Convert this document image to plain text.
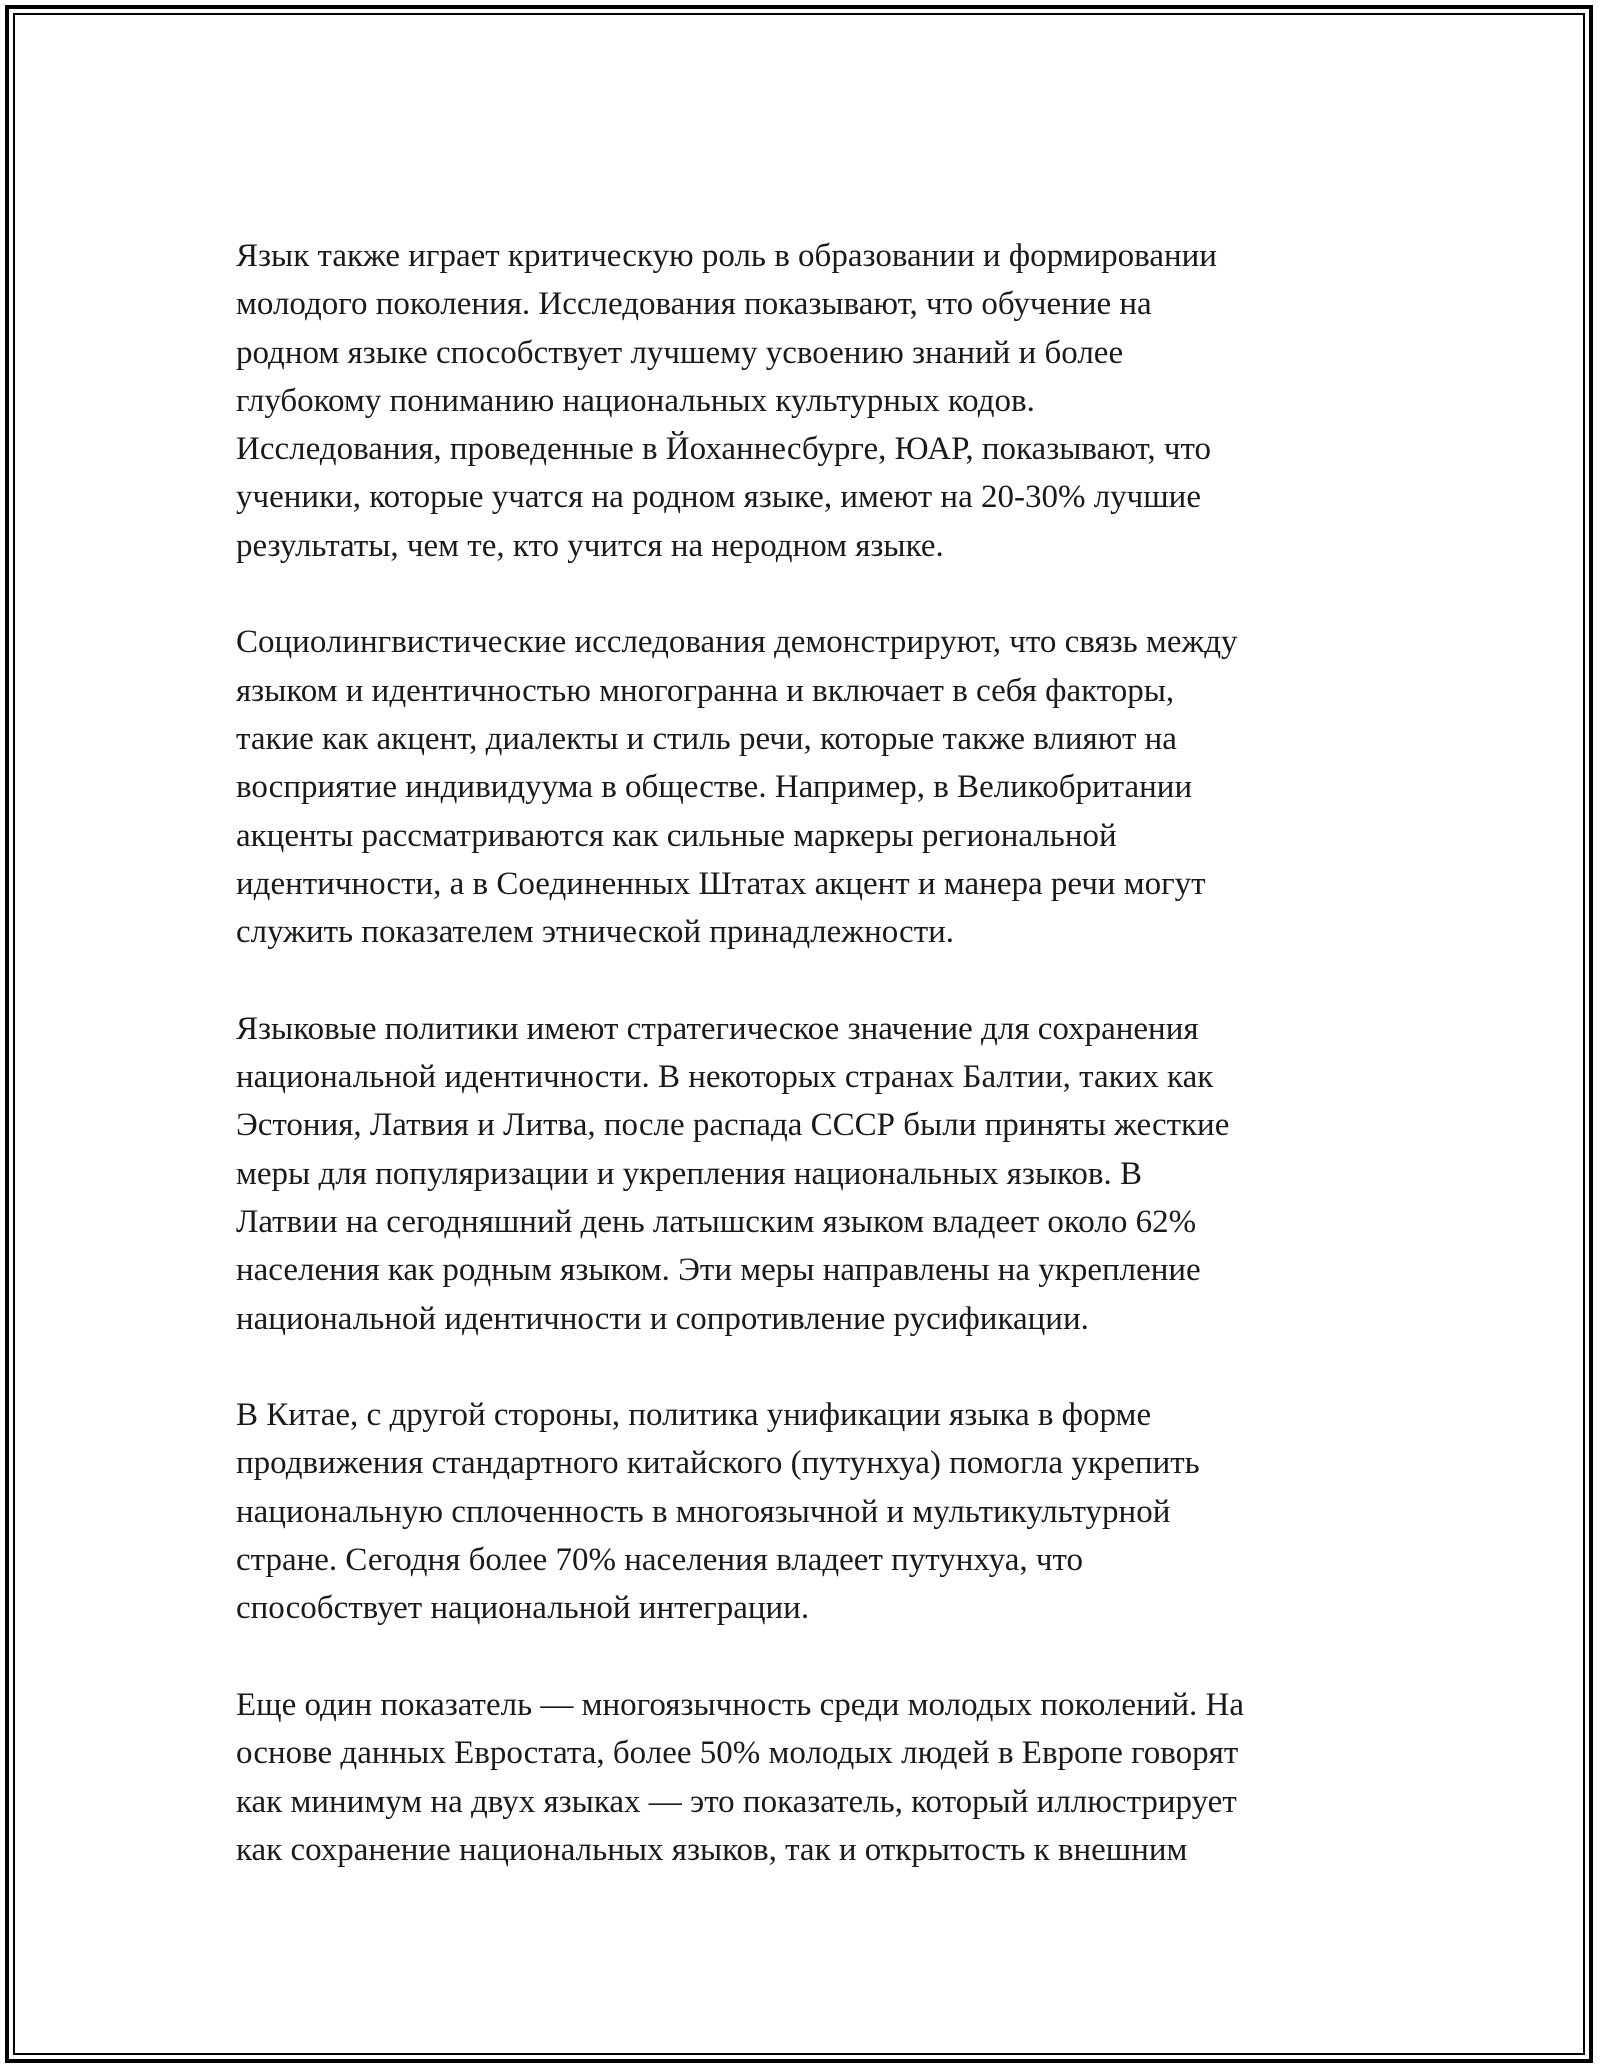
Язык также играет критическую роль в образовании и формировании
молодого поколения. Исследования показывают, что обучение на
родном языке способствует лучшему усвоению знаний и более
глубокому пониманию национальных культурных кодов.
Исследования, проведенные в Йоханнесбурге, ЮАР, показывают, что
ученики, которые учатся на родном языке, имеют на 20-30% лучшие
результаты, чем те, кто учится на неродном языке.

Социолингвистические исследования демонстрируют, что связь между
языком и идентичностью многогранна и включает в себя факторы,
такие как акцент, диалекты и стиль речи, которые также влияют на
восприятие индивидуума в обществе. Например, в Великобритании
акценты рассматриваются как сильные маркеры региональной
идентичности, а в Соединенных Штатах акцент и манера речи могут
служить показателем этнической принадлежности.

Языковые политики имеют стратегическое значение для сохранения
национальной идентичности. В некоторых странах Балтии, таких как
Эстония, Латвия и Литва, после распада СССР были приняты жесткие
меры для популяризации и укрепления национальных языков. В
Латвии на сегодняшний день латышским языком владеет около 62%
населения как родным языком. Эти меры направлены на укрепление
национальной идентичности и сопротивление русификации.

В Китае, с другой стороны, политика унификации языка в форме
продвижения стандартного китайского (путунхуа) помогла укрепить
национальную сплоченность в многоязычной и мультикультурной
стране. Сегодня более 70% населения владеет путунхуа, что
способствует национальной интеграции.

Еще один показатель — многоязычность среди молодых поколений. На
основе данных Евростата, более 50% молодых людей в Европе говорят
как минимум на двух языках — это показатель, который иллюстрирует
как сохранение национальных языков, так и открытость к внешним
